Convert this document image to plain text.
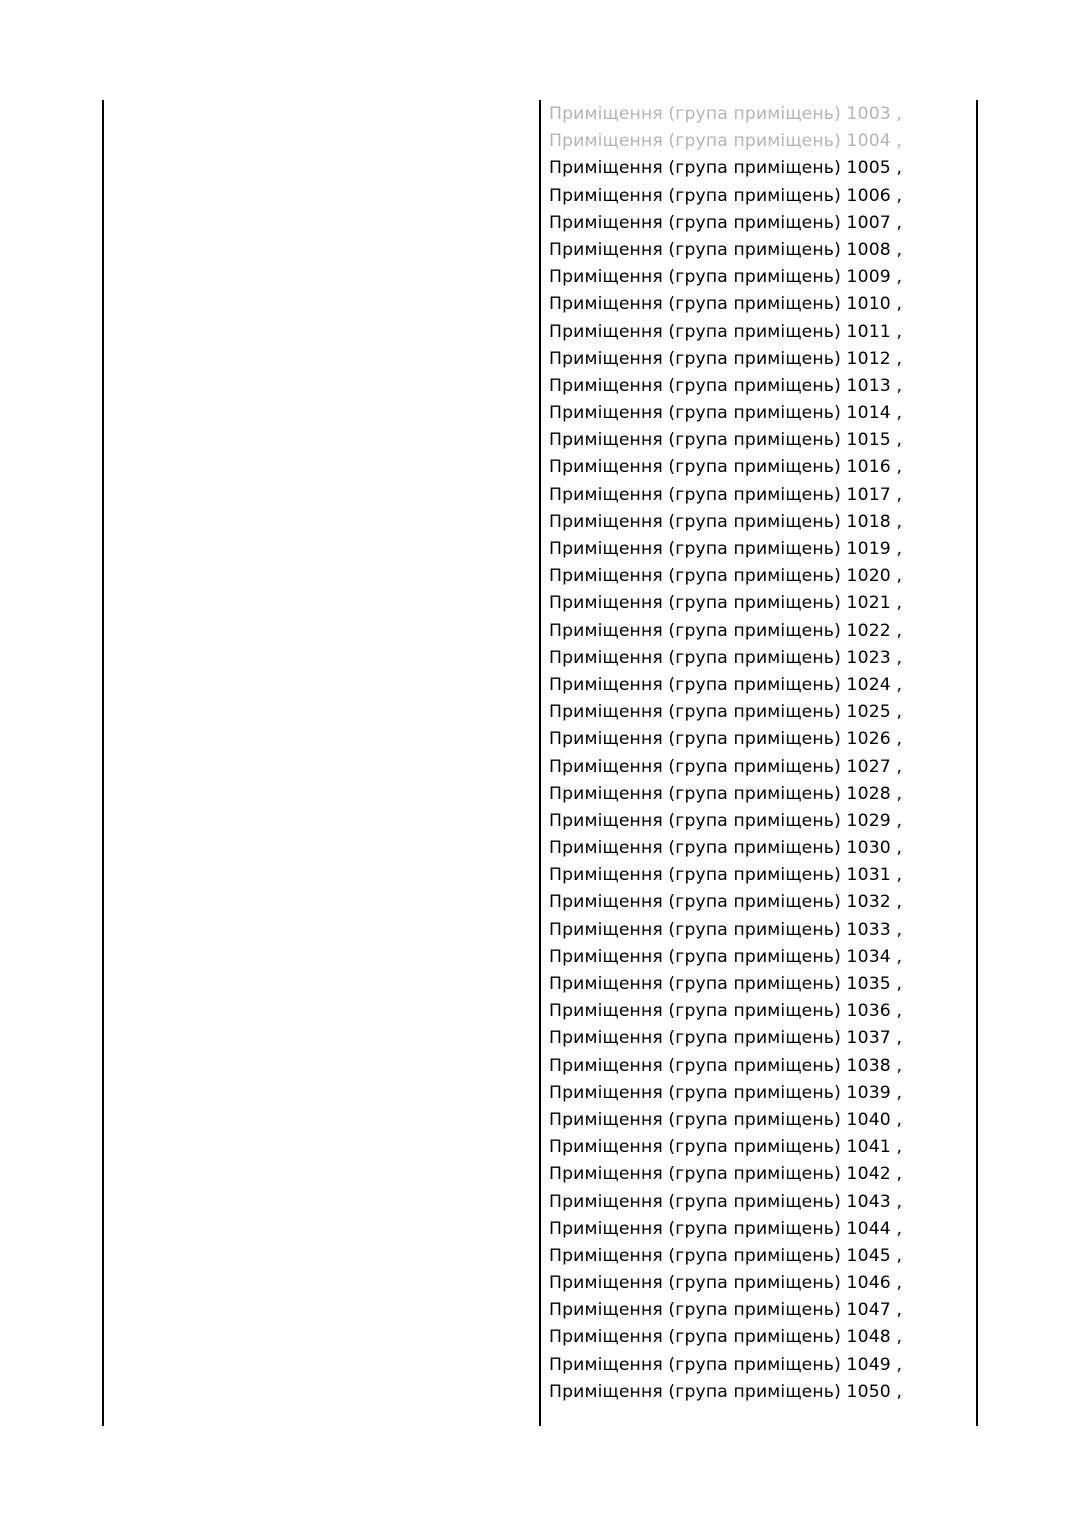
Приміщення (група приміщень) 1003 ,
Приміщення (група приміщень) 1004 ,
Приміщення (група приміщень) 1005 ,
Приміщення (група приміщень) 1006 ,
Приміщення (група приміщень) 1007 ,
Приміщення (група приміщень) 1008 ,
Приміщення (група приміщень) 1009 ,
Приміщення (група приміщень) 1010 ,
Приміщення (група приміщень) 1011 ,
Приміщення (група приміщень) 1012 ,
Приміщення (група приміщень) 1013 ,
Приміщення (група приміщень) 1014 ,
Приміщення (група приміщень) 1015 ,
Приміщення (група приміщень) 1016 ,
Приміщення (група приміщень) 1017 ,
Приміщення (група приміщень) 1018 ,
Приміщення (група приміщень) 1019 ,
Приміщення (група приміщень) 1020 ,
Приміщення (група приміщень) 1021 ,
Приміщення (група приміщень) 1022 ,
Приміщення (група приміщень) 1023 ,
Приміщення (група приміщень) 1024 ,
Приміщення (група приміщень) 1025 ,
Приміщення (група приміщень) 1026 ,
Приміщення (група приміщень) 1027 ,
Приміщення (група приміщень) 1028 ,
Приміщення (група приміщень) 1029 ,
Приміщення (група приміщень) 1030 ,
Приміщення (група приміщень) 1031 ,
Приміщення (група приміщень) 1032 ,
Приміщення (група приміщень) 1033 ,
Приміщення (група приміщень) 1034 ,
Приміщення (група приміщень) 1035 ,
Приміщення (група приміщень) 1036 ,
Приміщення (група приміщень) 1037 ,
Приміщення (група приміщень) 1038 ,
Приміщення (група приміщень) 1039 ,
Приміщення (група приміщень) 1040 ,
Приміщення (група приміщень) 1041 ,
Приміщення (група приміщень) 1042 ,
Приміщення (група приміщень) 1043 ,
Приміщення (група приміщень) 1044 ,
Приміщення (група приміщень) 1045 ,
Приміщення (група приміщень) 1046 ,
Приміщення (група приміщень) 1047 ,
Приміщення (група приміщень) 1048 ,
Приміщення (група приміщень) 1049 ,
Приміщення (група приміщень) 1050 ,
